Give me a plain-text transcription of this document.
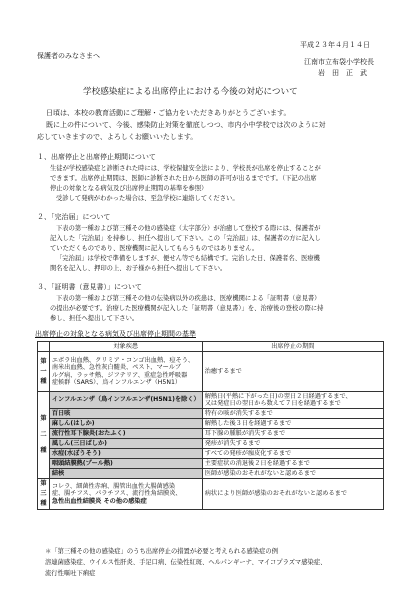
平成２３年４月１４日
保護者のみなさまへ
江南市立布袋小学校長
岩　田　正　武
学校感染症による出席停止における今後の対応について
日頃は、本校の教育活動にご理解・ご協力をいただきありがとうございます。
既に上の件について、今後、感染防止対策を徹底しつつ、市内小中学校では次のように対
応していきますので、よろしくお願いいたします。
１、出席停止と出席停止期間について
生徒が学校感染症と診断された時には、学校保健安全法により、学校長が出席を停止することが
できます。出席停止期間は、医師に診断された日から医師の許可が出るまでです。（下記の出席
停止の対象となる病気及び出席停止期間の基準を参照）
受診して発病がわかった場合は、至急学校に連絡してください。
２、「完治届」について
下表の第一種および第三種その他の感染症（太字部分）が治癒して登校する際には、保護者が
記入した「完治届」を持参し、担任へ提出して下さい。この「完治届」は、保護者の方に記入し
ていただくものであり、医療機関に記入してもらうものではありません。
「完治届」は学校で準備をしますが、便せん等でも結構です。完治した日、保護者名、医療機
関名を記入し、押印の上、お子様から担任へ提出して下さい。
３、「証明書（意見書）」について
下表の第一種および第三種その他の伝染病以外の疾患は、医療機関による「証明書（意見書）
の提出が必要です。治療した医療機関が記入した「証明書（意見書）」を、治療後の登校の際に持
参し、担任へ提出して下さい。
出席停止の対象となる病気及び出席停止期間の基準
	対象疾患	出席停止の期間
第一種	エボラ出血熱、クリミア・コンゴ出血熱、痘そう、
南米出血熱、急性灰白髄炎、ペスト、マールブ
ルグ病、ラッサ熱、ジフテリア、重症急性呼吸器
症候群（SARS）、鳥インフルエンザ（H5N1）	治癒するまで
第二種	インフルエンザ（鳥インフルエンザ(H5N1)を除く）	解熱日(平熱に下がった日)の翌日２日経過するまで、
又は発症日の翌日から数えて７日を経過するまで

	百日咳	特有の咳が消失するまで
	麻しん(はしか)	解熱した後３日を経過するまで
	流行性耳下腺炎(おたふく)	耳下腺の腫脹が消失するまで
	風しん(三日ばしか)	発疹が消失するまで
	水痘(水ぼうそう)	すべての発疹が痂皮化するまで
	咽頭結膜熱(プール熱)	主要症状の消退後２日を経過するまで
	結核	医師が感染のおそれがないと認めるまで
第三種	コレラ、細菌性赤痢、腸管出血性大腸菌感染
症、腸チフス、パラチフス、流行性角結膜炎、
急性出血性結膜炎 その他の感染症	病状により医師が感染のおそれがないと認めるまで
＊「第三種その他の感染症」のうち出席停止の措置が必要と考えられる感染症の例
溶連菌感染症、ウイルス性肝炎、手足口病、伝染性紅斑、ヘルパンギーナ、マイコプラズマ感染症、
流行性嘔吐下痢症
